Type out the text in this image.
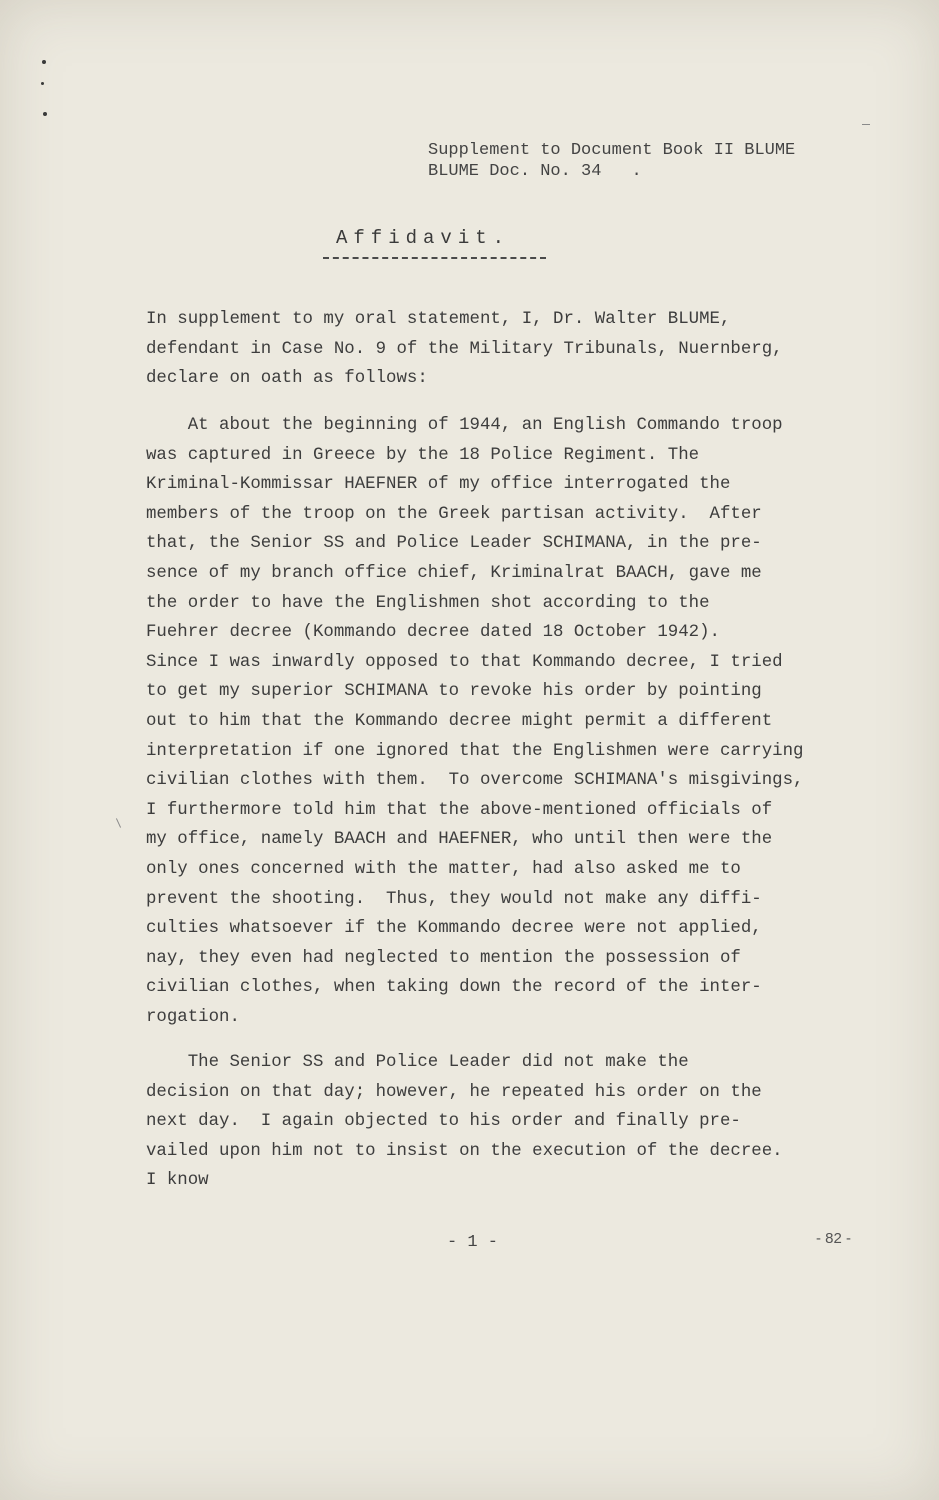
Supplement to Document Book II BLUME
BLUME Doc. No. 34 .
Affidavit.
In supplement to my oral statement, I, Dr. Walter BLUME,
defendant in Case No. 9 of the Military Tribunals, Nuernberg,
declare on oath as follows:
At about the beginning of 1944, an English Commando troop
was captured in Greece by the 18 Police Regiment. The
Kriminal-Kommissar HAEFNER of my office interrogated the
members of the troop on the Greek partisan activity.  After
that, the Senior SS and Police Leader SCHIMANA, in the pre-
sence of my branch office chief, Kriminalrat BAACH, gave me
the order to have the Englishmen shot according to the
Fuehrer decree (Kommando decree dated 18 October 1942).
Since I was inwardly opposed to that Kommando decree, I tried
to get my superior SCHIMANA to revoke his order by pointing
out to him that the Kommando decree might permit a different
interpretation if one ignored that the Englishmen were carrying
civilian clothes with them.  To overcome SCHIMANA's misgivings,
I furthermore told him that the above-mentioned officials of
my office, namely BAACH and HAEFNER, who until then were the
only ones concerned with the matter, had also asked me to
prevent the shooting.  Thus, they would not make any diffi-
culties whatsoever if the Kommando decree were not applied,
nay, they even had neglected to mention the possession of
civilian clothes, when taking down the record of the inter-
rogation.
The Senior SS and Police Leader did not make the
decision on that day; however, he repeated his order on the
next day.  I again objected to his order and finally pre-
vailed upon him not to insist on the execution of the decree.
I know
- 1 -	- 82 -
